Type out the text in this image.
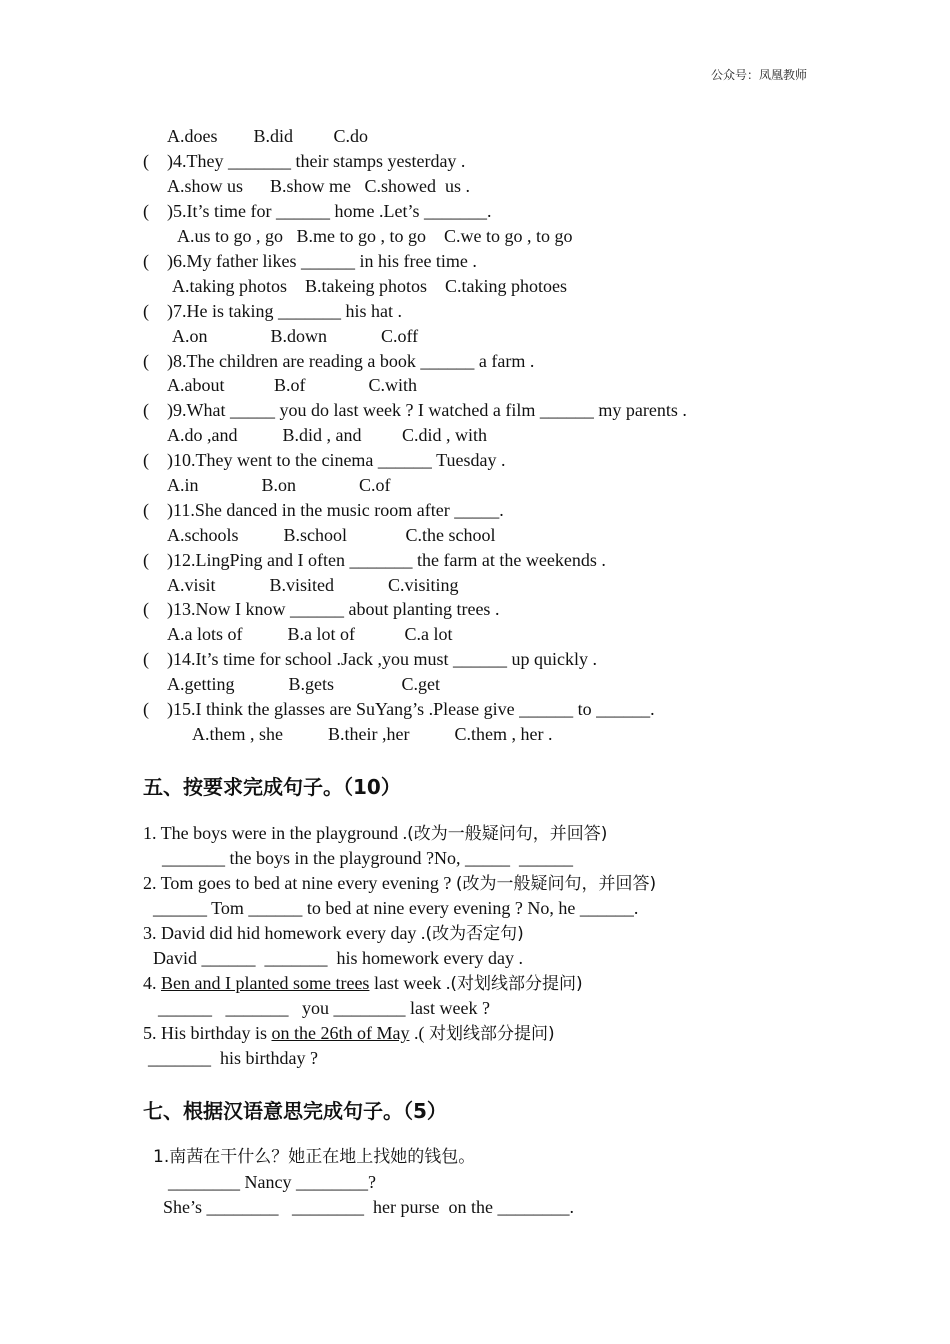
公众号：凤凰教师
A.does        B.did         C.do
(    )4.They _______ their stamps yesterday .
A.show us      B.show me   C.showed  us .
(    )5.It’s time for ______ home .Let’s _______.
A.us to go , go   B.me to go , to go    C.we to go , to go
(    )6.My father likes ______ in his free time .
A.taking photos    B.takeing photos    C.taking photoes
(    )7.He is taking _______ his hat .
A.on              B.down            C.off
(    )8.The children are reading a book ______ a farm .
A.about           B.of              C.with
(    )9.What _____ you do last week ? I watched a film ______ my parents .
A.do ,and          B.did , and         C.did , with
(    )10.They went to the cinema ______ Tuesday .
A.in              B.on              C.of
(    )11.She danced in the music room after _____.
A.schools          B.school             C.the school
(    )12.LingPing and I often _______ the farm at the weekends .
A.visit            B.visited            C.visiting
(    )13.Now I know ______ about planting trees .
A.a lots of          B.a lot of           C.a lot
(    )14.It’s time for school .Jack ,you must ______ up quickly .
A.getting            B.gets               C.get
(    )15.I think the glasses are SuYang’s .Please give ______ to ______.
A.them , she          B.their ,her          C.them , her .
五、按要求完成句子。（10）
1. The boys were in the playground .(改为一般疑问句，并回答)
_______ the boys in the playground ?No, _____  ______
2. Tom goes to bed at nine every evening ? (改为一般疑问句，并回答)
______ Tom ______ to bed at nine every evening ? No, he ______.
3. David did hid homework every day .(改为否定句)
David ______  _______  his homework every day .
4. Ben and I planted some trees last week .(对划线部分提问)
______   _______   you ________ last week ?
5. His birthday is on the 26th of May .( 对划线部分提问)
_______  his birthday ?
七、根据汉语意思完成句子。（5）
1.南茜在干什么？她正在地上找她的钱包。
________ Nancy ________?
She’s ________   ________  her purse  on the ________.
